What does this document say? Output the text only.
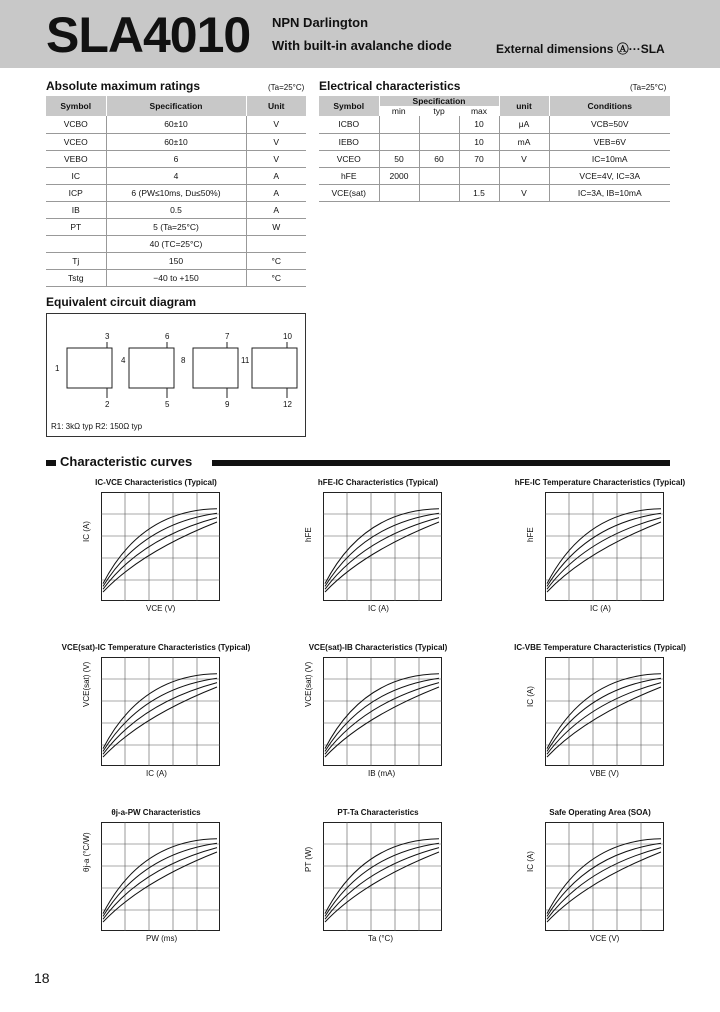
SLA4010 NPN Darlington
With built-in avalanche diode	External dimensions Ⓐ···SLA
Absolute maximum ratings	(Ta=25°C)
Symbol	Specification	Unit
VCBO	60±10	V
VCEO	60±10	V
VEBO	6	V
IC	4	A
ICP	6 (PW≤10ms, Du≤50%)	A
IB	0.5	A
PT	5 (Ta=25°C)	W
	40 (TC=25°C)	
Tj	150	°C
Tstg	−40 to +150	°C
Electrical characteristics	(Ta=25°C)
Symbol	Specification			unit	Conditions
	min	typ	max		
ICBO			10	μA	VCB=50V
IEBO			10	mA	VEB=6V
VCEO	50	60	70	V	IC=10mA
hFE	2000				VCE=4V, IC=3A
VCE(sat)			1.5	V	IC=3A, IB=10mA
Equivalent circuit diagram
R1: 3kΩ typ R2: 150Ω typ
3	6	7	10
2	5	9	12
1
4	8	11
Characteristic curves
IC-VCE Characteristics (Typical)
VCE (V)
IC (A)
hFE-IC Characteristics (Typical)
IC (A)
hFE
hFE-IC Temperature Characteristics (Typical)
IC (A)
hFE
VCE(sat)-IC Temperature Characteristics (Typical)
IC (A)
VCE(sat) (V)
VCE(sat)-IB Characteristics (Typical)
IB (mA)
VCE(sat) (V)
IC-VBE Temperature Characteristics (Typical)
VBE (V)
IC (A)
θj-a-PW Characteristics
PW (ms)
θj-a (°C/W)
PT-Ta Characteristics
Ta (°C)
PT (W)
Safe Operating Area (SOA)
VCE (V)
IC (A)
18
